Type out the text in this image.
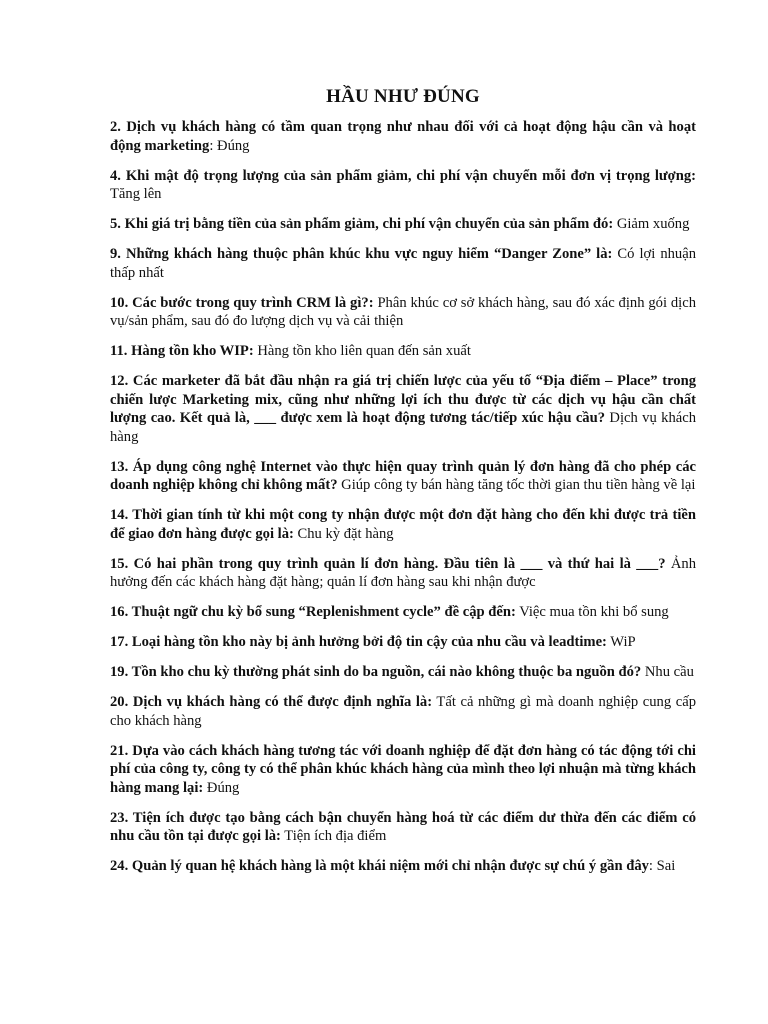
HẦU NHƯ ĐÚNG
2. Dịch vụ khách hàng có tầm quan trọng như nhau đối với cả hoạt động hậu cần và hoạt động marketing: Đúng
4. Khi mật độ trọng lượng của sản phẩm giảm, chi phí vận chuyển mỗi đơn vị trọng lượng: Tăng lên
5. Khi giá trị bằng tiền của sản phẩm giảm, chi phí vận chuyển của sản phẩm đó: Giảm xuống
9. Những khách hàng thuộc phân khúc khu vực nguy hiểm “Danger Zone” là: Có lợi nhuận thấp nhất
10. Các bước trong quy trình CRM là gì?: Phân khúc cơ sở khách hàng, sau đó xác định gói dịch vụ/sản phẩm, sau đó đo lượng dịch vụ và cải thiện
11. Hàng tồn kho WIP: Hàng tồn kho liên quan đến sản xuất
12. Các marketer đã bắt đầu nhận ra giá trị chiến lược của yếu tố “Địa điểm – Place” trong chiến lược Marketing mix, cũng như những lợi ích thu được từ các dịch vụ hậu cần chất lượng cao. Kết quả là, ___ được xem là hoạt động tương tác/tiếp xúc hậu cầu? Dịch vụ khách hàng
13. Áp dụng công nghệ Internet vào thực hiện quay trình quản lý đơn hàng đã cho phép các doanh nghiệp không chỉ không mất? Giúp công ty bán hàng tăng tốc thời gian thu tiền hàng về lại
14. Thời gian tính từ khi một cong ty nhận được một đơn đặt hàng cho đến khi được trả tiền để giao đơn hàng được gọi là: Chu kỳ đặt hàng
15. Có hai phần trong quy trình quản lí đơn hàng. Đầu tiên là ___ và thứ hai là ___? Ảnh hưởng đến các khách hàng đặt hàng; quản lí đơn hàng sau khi nhận được
16. Thuật ngữ chu kỳ bổ sung “Replenishment cycle” đề cập đến: Việc mua tồn khi bổ sung
17. Loại hàng tồn kho này bị ảnh hưởng bởi độ tin cậy của nhu cầu và leadtime: WiP
19. Tồn kho chu kỳ thường phát sinh do ba nguồn, cái nào không thuộc ba nguồn đó? Nhu cầu
20. Dịch vụ khách hàng có thể được định nghĩa là: Tất cả những gì mà doanh nghiệp cung cấp cho khách hàng
21. Dựa vào cách khách hàng tương tác với doanh nghiệp để đặt đơn hàng có tác động tới chi phí của công ty, công ty có thể phân khúc khách hàng của mình theo lợi nhuận mà từng khách hàng mang lại: Đúng
23. Tiện ích được tạo bằng cách bận chuyển hàng hoá từ các điểm dư thừa đến các điểm có nhu cầu tồn tại được gọi là: Tiện ích địa điểm
24. Quản lý quan hệ khách hàng là một khái niệm mới chỉ nhận được sự chú ý gần đây: Sai
